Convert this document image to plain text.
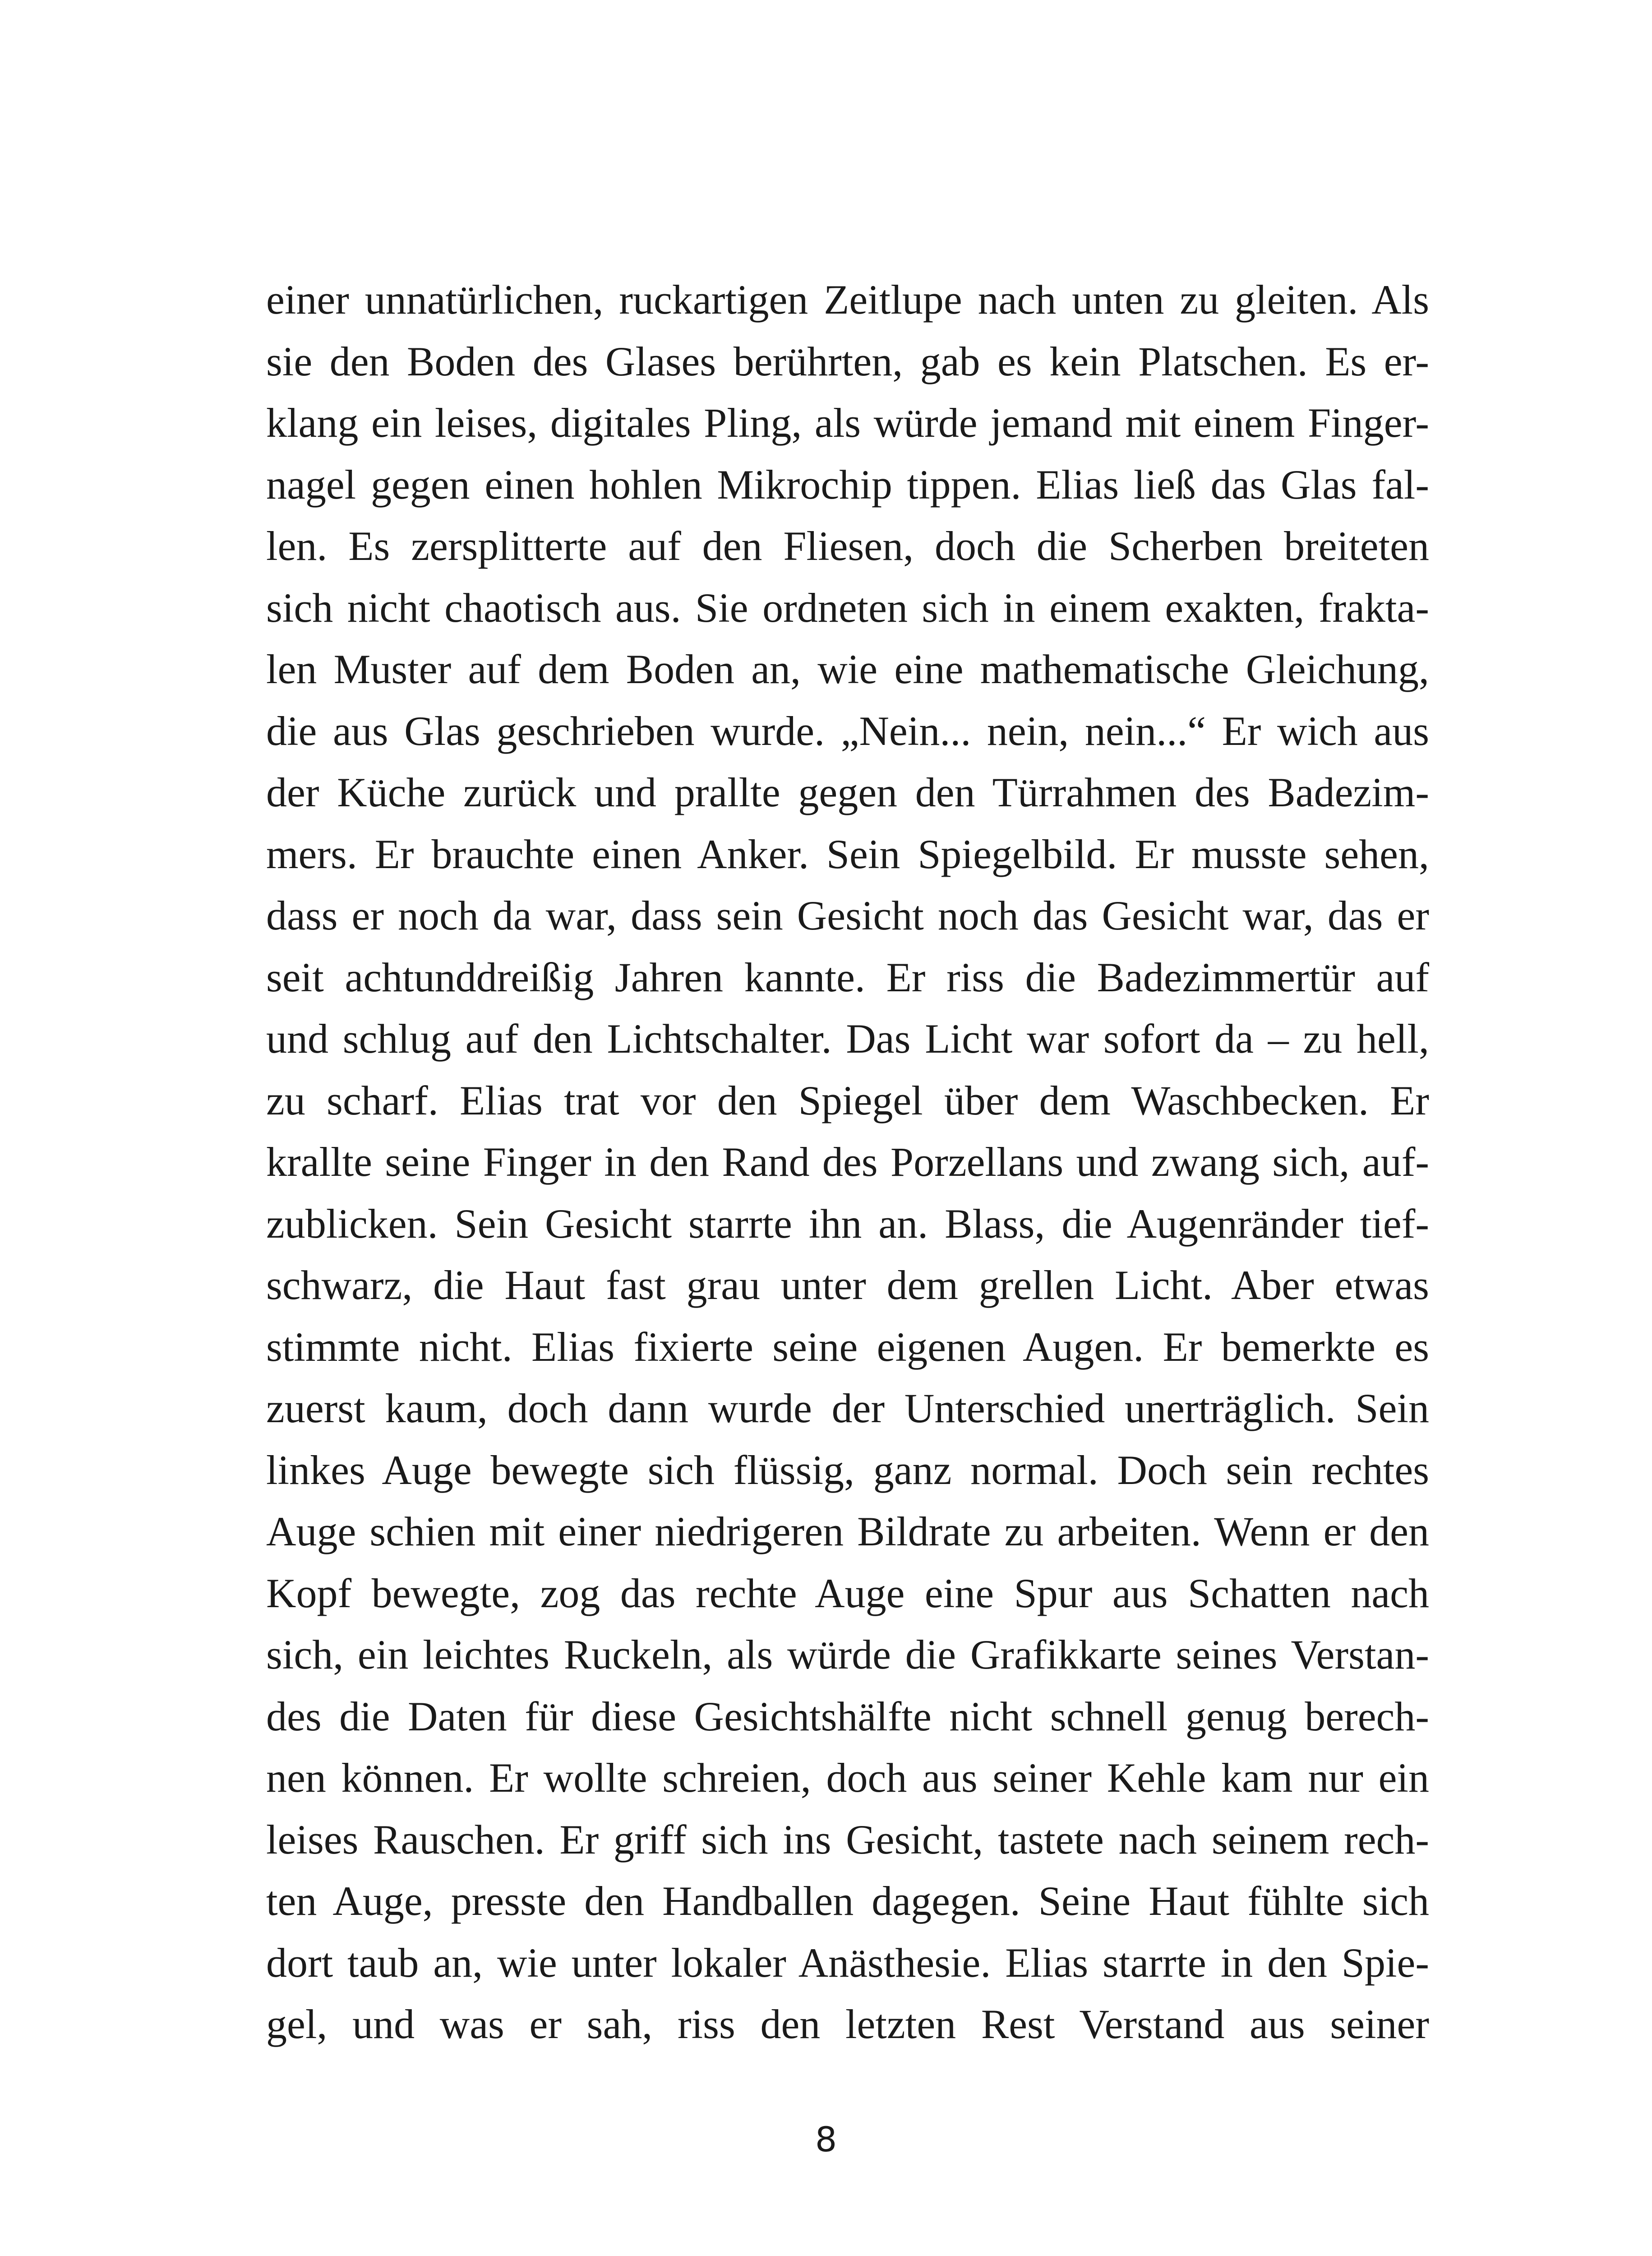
einer unnatürlichen, ruckartigen Zeitlupe nach unten zu gleiten. Als
sie den Boden des Glases berührten, gab es kein Platschen. Es er-
klang ein leises, digitales Pling, als würde jemand mit einem Finger-
nagel gegen einen hohlen Mikrochip tippen. Elias ließ das Glas fal-
len. Es zersplitterte auf den Fliesen, doch die Scherben breiteten
sich nicht chaotisch aus. Sie ordneten sich in einem exakten, frakta-
len Muster auf dem Boden an, wie eine mathematische Gleichung,
die aus Glas geschrieben wurde. „Nein... nein, nein...“ Er wich aus
der Küche zurück und prallte gegen den Türrahmen des Badezim-
mers. Er brauchte einen Anker. Sein Spiegelbild. Er musste sehen,
dass er noch da war, dass sein Gesicht noch das Gesicht war, das er
seit achtunddreißig Jahren kannte. Er riss die Badezimmertür auf
und schlug auf den Lichtschalter. Das Licht war sofort da – zu hell,
zu scharf. Elias trat vor den Spiegel über dem Waschbecken. Er
krallte seine Finger in den Rand des Porzellans und zwang sich, auf-
zublicken. Sein Gesicht starrte ihn an. Blass, die Augenränder tief-
schwarz, die Haut fast grau unter dem grellen Licht. Aber etwas
stimmte nicht. Elias fixierte seine eigenen Augen. Er bemerkte es
zuerst kaum, doch dann wurde der Unterschied unerträglich. Sein
linkes Auge bewegte sich flüssig, ganz normal. Doch sein rechtes
Auge schien mit einer niedrigeren Bildrate zu arbeiten. Wenn er den
Kopf bewegte, zog das rechte Auge eine Spur aus Schatten nach
sich, ein leichtes Ruckeln, als würde die Grafikkarte seines Verstan-
des die Daten für diese Gesichtshälfte nicht schnell genug berech-
nen können. Er wollte schreien, doch aus seiner Kehle kam nur ein
leises Rauschen. Er griff sich ins Gesicht, tastete nach seinem rech-
ten Auge, presste den Handballen dagegen. Seine Haut fühlte sich
dort taub an, wie unter lokaler Anästhesie. Elias starrte in den Spie-
gel, und was er sah, riss den letzten Rest Verstand aus seiner
8
